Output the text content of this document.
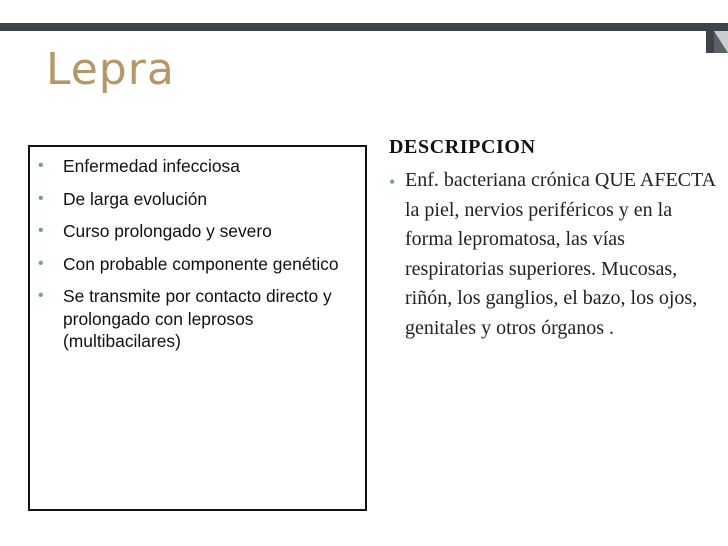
Lepra
• Enfermedad infecciosa
• De larga evolución
• Curso prolongado y severo
• Con probable componente genético
• Se transmite por contacto directo y prolongado con leprosos (multibacilares)
DESCRIPCION
• Enf. bacteriana crónica QUE AFECTA la piel, nervios periféricos y en la forma lepromatosa, las vías respiratorias superiores. Mucosas, riñón, los ganglios, el bazo, los ojos, genitales y otros órganos .
